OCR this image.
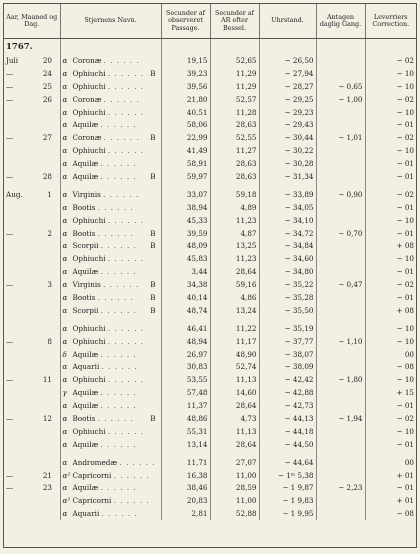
Aar, Maaned og Dag.	Stjernens Navn.	Secunder af observeret Passage.	Secunder af AR efter Bessel.	Uhrstand.	Antagen daglig Gang.	Leverriers Correction.
1767.						
Juli 20	α Coronæ . . . . . .	19,15	52,65	− 26,50		− 02
— 24	α Ophiuchi . . . . . . B	39,23	11,29	− 27,94		− 10
— 25	α Ophiuchi . . . . . .	39,56	11,29	− 28,27	− 0,65	− 10
— 26	α Coronæ . . . . . .	21,80	52,57	− 29,25	− 1,00	− 02
	α Ophiuchi . . . . . .	40,51	11,28	− 29,23		− 10
	α Aquilæ . . . . . .	58,06	28,63	− 29,43		− 01
— 27	α Coronæ . . . . . . B	22,99	52,55	− 30,44	− 1,01	− 02
	α Ophiuchi . . . . . .	41,49	11,27	− 30,22		− 10
	α Aquilæ . . . . . .	58,91	28,63	− 30,28		− 01
— 28	α Aquilæ . . . . . . B	59,97	28,63	− 31,34		− 01
Aug. 1	α Virginis . . . . . .	33,07	59,18	− 33,89	− 0,90	− 02
	α Bootis . . . . . .	38,94	4,89	− 34,05		− 01
	α Ophiuchi . . . . . .	45,33	11,23	− 34,10		− 10
— 2	α Bootis . . . . . . B	39,59	4,87	− 34,72	− 0,70	− 01
	α Scorpii . . . . . . B	48,09	13,25	− 34,84		+ 08
	α Ophiuchi . . . . . .	45,83	11,23	− 34,60		− 10
	α Aquilæ . . . . . .	3,44	28,64	− 34,80		− 01
— 3	α Virginis . . . . . . B	34,38	59,16	− 35,22	− 0,47	− 02
	α Bootis . . . . . . B	40,14	4,86	− 35,28		− 01
	α Scorpii . . . . . . B	48,74	13,24	− 35,50		+ 08
	α Ophiuchi . . . . . .	46,41	11,22	− 35,19		− 10
— 8	α Ophiuchi . . . . . .	48,94	11,17	− 37,77	− 1,10	− 10
	δ Aquilæ . . . . . .	26,97	48,90	− 38,07		00
	α Aquarii . . . . . .	30,83	52,74	− 38,09		− 08
— 11	α Ophiuchi . . . . . .	53,55	11,13	− 42,42	− 1,80	− 10
	γ Aquilæ . . . . . .	57,48	14,60	− 42,88		+ 15
	α Aquilæ . . . . . .	11,37	28,64	− 42,73		− 01
— 12	α Bootis . . . . . . B	48,86	4,73	− 44,13	− 1,94	− 02
	α Ophiuchi . . . . . .	55,31	11,13	− 44,18		− 10
	α Aquilæ . . . . . .	13,14	28,64	− 44,50		− 01
	α Andromedæ . . . . . .	11,71	27,07	− 44,64		00
— 21	α² Capricorni . . . . . .	16,38	11,00	− 1ᵐ 5,38		+ 01
— 23	α Aquilæ . . . . . .	38,46	28,59	− 1 9,87	− 2,23	− 01
	α² Capricorni . . . . . .	20,83	11,00	− 1 9,83		+ 01
	α Aquarii . . . . . .	2,81	52,88	− 1 9,95		− 08
